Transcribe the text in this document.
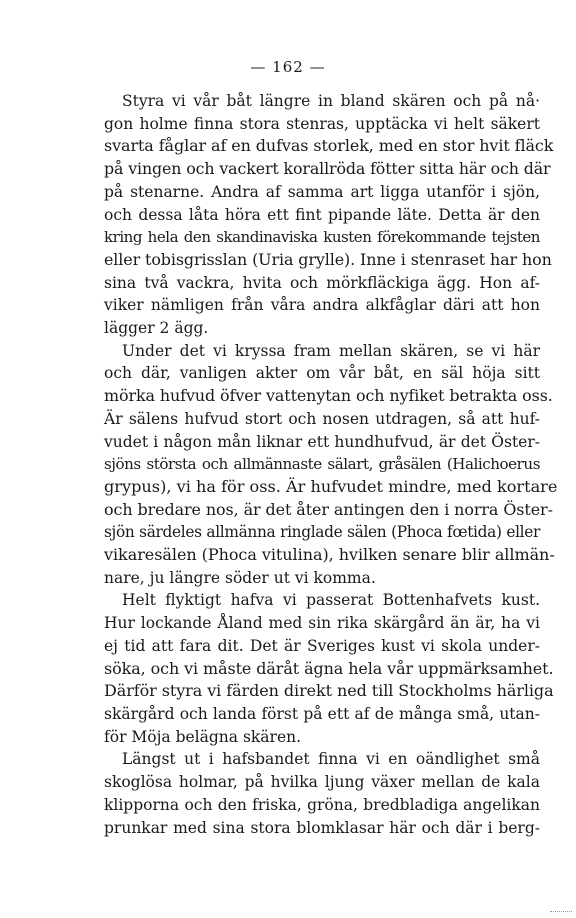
— 162 —
Styra vi vår båt längre in bland skären och på nå·
gon holme finna stora stenras, upptäcka vi helt säkert
svarta fåglar af en dufvas storlek, med en stor hvit fläck
på vingen och vackert korallröda fötter sitta här och där
på stenarne. Andra af samma art ligga utanför i sjön,
och dessa låta höra ett fint pipande läte. Detta är den
kring hela den skandinaviska kusten förekommande tejsten
eller tobisgrisslan (Uria grylle). Inne i stenraset har hon
sina två vackra, hvita och mörkfläckiga ägg. Hon af-
viker nämligen från våra andra alkfåglar däri att hon
lägger 2 ägg.
Under det vi kryssa fram mellan skären, se vi här
och där, vanligen akter om vår båt, en säl höja sitt
mörka hufvud öfver vattenytan och nyfiket betrakta oss.
Är sälens hufvud stort och nosen utdragen, så att huf-
vudet i någon mån liknar ett hundhufvud, är det Öster-
sjöns största och allmännaste sälart, gråsälen (Halichoerus
grypus), vi ha för oss. Är hufvudet mindre, med kortare
och bredare nos, är det åter antingen den i norra Öster-
sjön särdeles allmänna ringlade sälen (Phoca fœtida) eller
vikaresälen (Phoca vitulina), hvilken senare blir allmän-
nare, ju längre söder ut vi komma.
Helt flyktigt hafva vi passerat Bottenhafvets kust.
Hur lockande Åland med sin rika skärgård än är, ha vi
ej tid att fara dit. Det är Sveriges kust vi skola under-
söka, och vi måste däråt ägna hela vår uppmärksamhet.
Därför styra vi färden direkt ned till Stockholms härliga
skärgård och landa först på ett af de många små, utan-
för Möja belägna skären.
Längst ut i hafsbandet finna vi en oändlighet små
skoglösa holmar, på hvilka ljung växer mellan de kala
klipporna och den friska, gröna, bredbladiga angelikan
prunkar med sina stora blomklasar här och där i berg-
